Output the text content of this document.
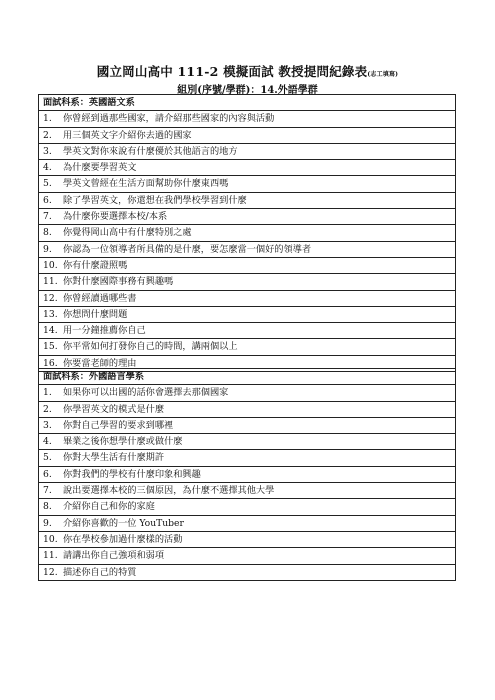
國立岡山高中 111-2 模擬面試 教授提問紀錄表(志工填寫)
組別(序號/學群)：14.外語學群
面試科系：英國語文系
1. 你曾經到過那些國家，請介紹那些國家的內容與活動
2. 用三個英文字介紹你去過的國家
3. 學英文對你來說有什麼優於其他語言的地方
4. 為什麼要學習英文
5. 學英文曾經在生活方面幫助你什麼東西嗎
6. 除了學習英文，你還想在我們學校學習到什麼
7. 為什麼你要選擇本校/本系
8. 你覺得岡山高中有什麼特別之處
9. 你認為一位領導者所具備的是什麼，要怎麼當一個好的領導者
10. 你有什麼證照嗎
11. 你對什麼國際事務有興趣嗎
12. 你曾經讀過哪些書
13. 你想問什麼問題
14. 用一分鐘推薦你自己
15. 你平常如何打發你自己的時間，講兩個以上
16. 你要當老師的理由
面試科系：外國語言學系
1. 如果你可以出國的話你會選擇去那個國家
2. 你學習英文的模式是什麼
3. 你對自己學習的要求到哪裡
4. 畢業之後你想學什麼或做什麼
5. 你對大學生活有什麼期許
6. 你對我們的學校有什麼印象和興趣
7. 說出要選擇本校的三個原因，為什麼不選擇其他大學
8. 介紹你自己和你的家庭
9. 介紹你喜歡的一位 YouTuber
10. 你在學校參加過什麼樣的活動
11. 請講出你自己強項和弱項
12. 描述你自己的特質
